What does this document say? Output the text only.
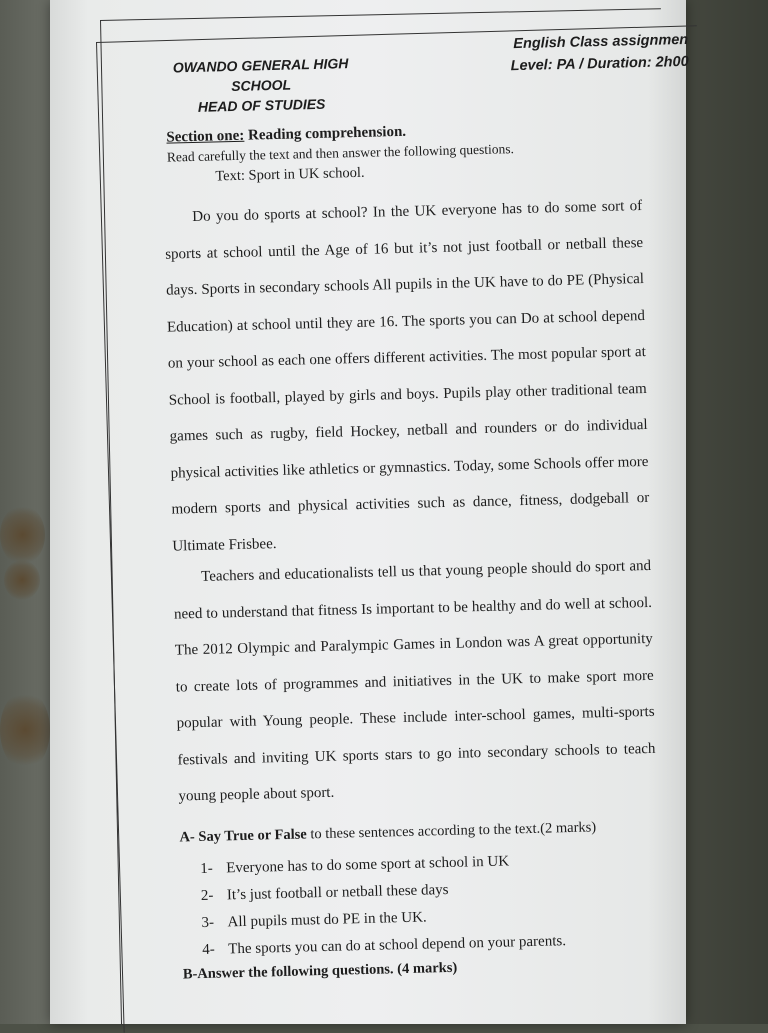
OWANDO GENERAL HIGH SCHOOL
HEAD OF STUDIES
English Class assignmen
Level: PA / Duration: 2h00
Section one: Reading comprehension.
Read carefully the text and then answer the following questions.
Text: Sport in UK school.
Do you do sports at school? In the UK everyone has to do some sort of sports at school until the Age of 16 but it’s not just football or netball these days. Sports in secondary schools All pupils in the UK have to do PE (Physical Education) at school until they are 16. The sports you can Do at school depend on your school as each one offers different activities. The most popular sport at School is football, played by girls and boys. Pupils play other traditional team games such as rugby, field Hockey, netball and rounders or do individual physical activities like athletics or gymnastics. Today, some Schools offer more modern sports and physical activities such as dance, fitness, dodgeball or Ultimate Frisbee.
Teachers and educationalists tell us that young people should do sport and need to understand that fitness Is important to be healthy and do well at school. The 2012 Olympic and Paralympic Games in London was A great opportunity to create lots of programmes and initiatives in the UK to make sport more popular with Young people. These include inter-school games, multi-sports festivals and inviting UK sports stars to go into secondary schools to teach young people about sport.
A- Say True or False to these sentences according to the text.(2 marks)
1- Everyone has to do some sport at school in UK
2- It’s just football or netball these days
3- All pupils must do PE in the UK.
4- The sports you can do at school depend on your parents.
B-Answer the following questions. (4 marks)
